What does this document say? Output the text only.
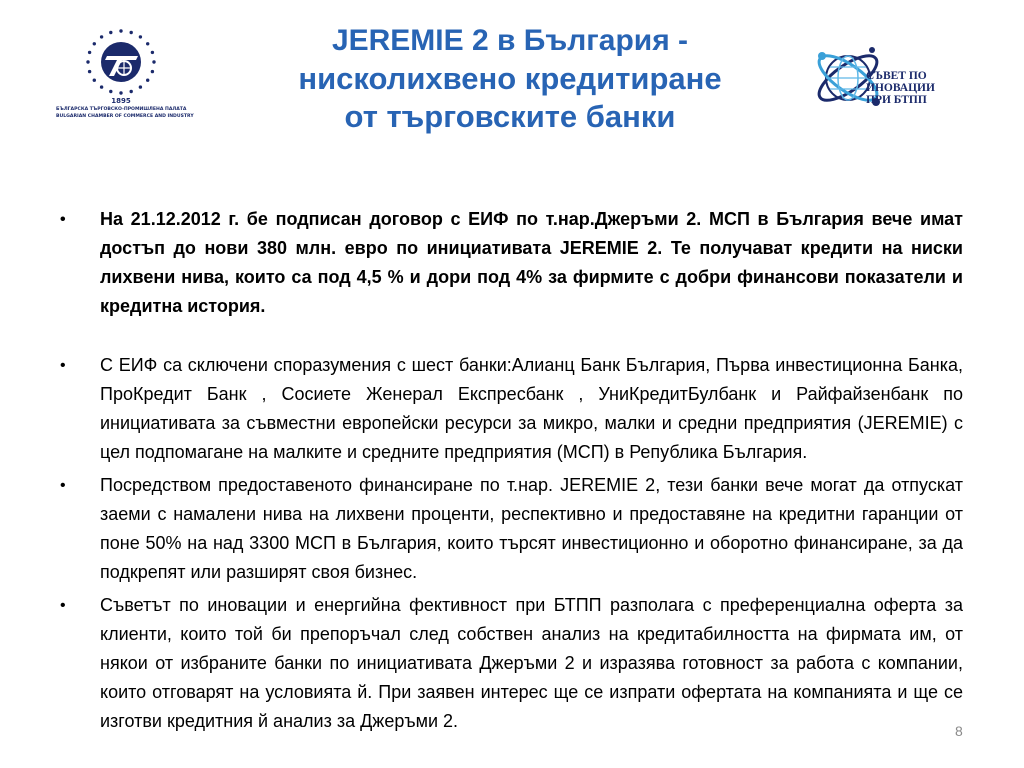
1895
БЪЛГАРСКА ТЪРГОВСКО-ПРОМИШЛЕНА ПАЛАТА
BULGARIAN CHAMBER OF COMMERCE AND INDUSTRY
JEREMIE 2 в България -
нисколихвено кредитиране
от търговските банки
СЪВЕТ ПО
ИНОВАЦИИ
ПРИ БТПП
• На 21.12.2012 г. бе подписан договор с ЕИФ по т.нар.Джеръми 2. МСП в България вече имат достъп до нови 380 млн. евро по инициативата JEREMIE 2. Те получават кредити на ниски лихвени нива, които са под 4,5 % и дори под 4% за фирмите с добри финансови показатели и кредитна история.
• С ЕИФ са сключени споразумения с шест банки:Алианц Банк България, Първа инвестиционна Банка, ПроКредит Банк , Сосиете Женерал Експресбанк , УниКредитБулбанк и Райфайзенбанк по инициативата за съвместни европейски ресурси за микро, малки и средни предприятия (JEREMIE) с цел подпомагане на малките и средните предприятия (МСП) в Република България.
• Посредством предоставеното финансиране по т.нар. JEREMIE 2, тези банки вече могат да отпускат заеми с намалени нива на лихвени проценти, респективно и предоставяне на кредитни гаранции от поне 50% на над 3300 МСП в България, които търсят инвестиционно и оборотно финансиране, за да подкрепят или разширят своя бизнес.
• Съветът по иновации и енергийна фективност при БТПП разполага с преференциална оферта за клиенти, които той би препоръчал след собствен анализ на кредитабилността на фирмата им, от някои от избраните банки по инициативата Джеръми 2 и изразява готовност за работа с компании, които отговарят на условията й. При заявен интерес ще се изпрати офертата на компанията и ще се изготви кредитния й анализ за Джеръми 2.	8
